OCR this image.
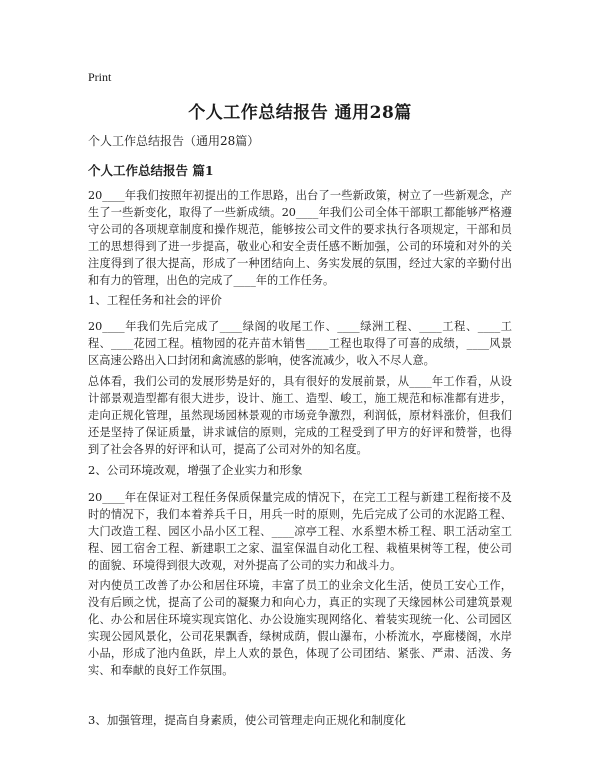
Print
个人工作总结报告 通用28篇
个人工作总结报告（通用28篇）
个人工作总结报告 篇1

20____年我们按照年初提出的工作思路，出台了一些新政策，树立了一些新观念，产生了一些新变化，取得了一些新成绩。20____年我们公司全体干部职工都能够严格遵守公司的各项规章制度和操作规范，能够按公司文件的要求执行各项规定，干部和员工的思想得到了进一步提高，敬业心和安全责任感不断加强，公司的环境和对外的关注度得到了很大提高，形成了一种团结向上、务实发展的氛围，经过大家的辛勤付出和有力的管理，出色的完成了____年的工作任务。

1、工程任务和社会的评价

20____年我们先后完成了____绿阁的收尾工作、____绿洲工程、____工程、____工程、____花园工程。植物园的花卉苗木销售____工程也取得了可喜的成绩，____风景区高速公路出入口封闭和禽流感的影响，使客流减少，收入不尽人意。

总体看，我们公司的发展形势是好的，具有很好的发展前景，从____年工作看，从设计部景观造型都有很大进步，设计、施工、造型、峻工，施工规范和标准都有进步，走向正规化管理，虽然现场园林景观的市场竞争激烈，利润低，原材料涨价，但我们还是坚持了保证质量，讲求诚信的原则，完成的工程受到了甲方的好评和赞誉，也得到了社会各界的好评和认可，提高了公司对外的知名度。

2、公司环境改观，增强了企业实力和形象

20____年在保证对工程任务保质保量完成的情况下，在完工工程与新建工程衔接不及时的情况下，我们本着养兵千日，用兵一时的原则，先后完成了公司的水泥路工程、大门改造工程、园区小品小区工程、____凉亭工程、水系塑木桥工程、职工活动室工程、园工宿舍工程、新建职工之家、温室保温自动化工程、栽植果树等工程，使公司的面貌、环境得到很大改观，对外提高了公司的实力和战斗力。

对内使员工改善了办公和居住环境，丰富了员工的业余文化生活，使员工安心工作，没有后顾之忧，提高了公司的凝聚力和向心力，真正的实现了天缘园林公司建筑景观化、办公和居住环境实现宾馆化、办公设施实现网络化、着装实现统一化、公司园区实现公园风景化，公司花果飘香，绿树成荫，假山瀑布，小桥流水，亭廊楼阁，水岸小品，形成了池内鱼跃，岸上人欢的景色，体现了公司团结、紧张、严肃、活泼、务实、和奉献的良好工作氛围。

3、加强管理，提高自身素质，使公司管理走向正规化和制度化
